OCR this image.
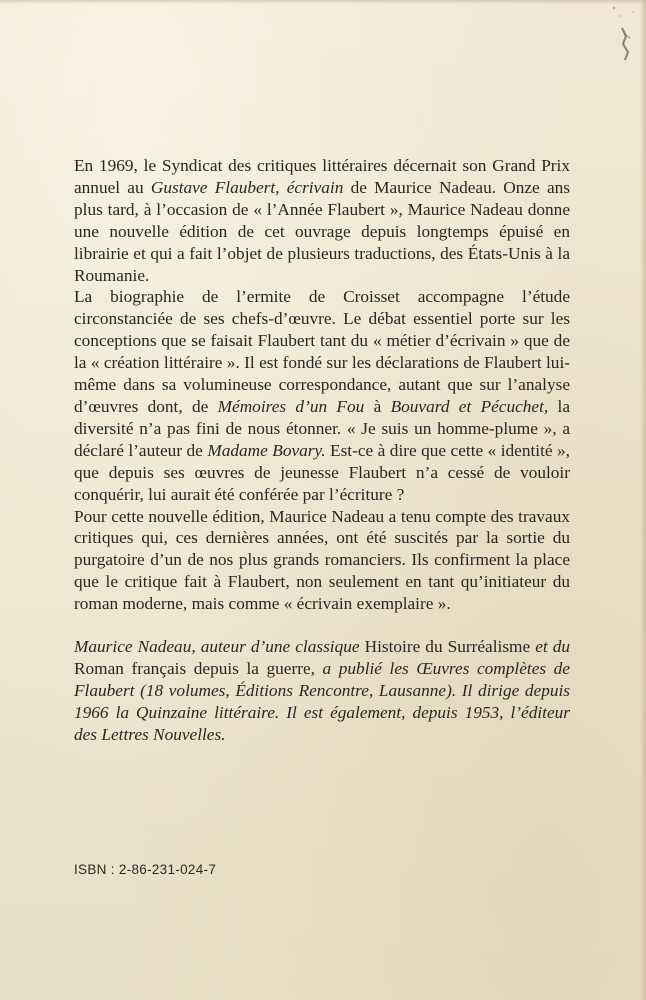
En 1969, le Syndicat des critiques littéraires décernait son Grand Prix annuel au Gustave Flaubert, écrivain de Maurice Nadeau. Onze ans plus tard, à l’occasion de « l’Année Flaubert », Maurice Nadeau donne une nouvelle édition de cet ouvrage depuis longtemps épuisé en librairie et qui a fait l’objet de plusieurs traductions, des États-Unis à la Roumanie.

La biographie de l’ermite de Croisset accompagne l’étude circonstanciée de ses chefs-d’œuvre. Le débat essentiel porte sur les conceptions que se faisait Flaubert tant du « métier d’écrivain » que de la « création littéraire ». Il est fondé sur les déclarations de Flaubert lui-même dans sa volumineuse correspondance, autant que sur l’analyse d’œuvres dont, de Mémoires d’un Fou à Bouvard et Pécuchet, la diversité n’a pas fini de nous étonner. « Je suis un homme-plume », a déclaré l’auteur de Madame Bovary. Est-ce à dire que cette « identité », que depuis ses œuvres de jeunesse Flaubert n’a cessé de vouloir conquérir, lui aurait été conférée par l’écriture ?

Pour cette nouvelle édition, Maurice Nadeau a tenu compte des travaux critiques qui, ces dernières années, ont été suscités par la sortie du purgatoire d’un de nos plus grands romanciers. Ils confirment la place que le critique fait à Flaubert, non seulement en tant qu’initiateur du roman moderne, mais comme « écrivain exemplaire ».

Maurice Nadeau, auteur d’une classique Histoire du Surréalisme et du Roman français depuis la guerre, a publié les Œuvres complètes de Flaubert (18 volumes, Éditions Rencontre, Lausanne). Il dirige depuis 1966 la Quinzaine littéraire. Il est également, depuis 1953, l’éditeur des Lettres Nouvelles.

ISBN : 2-86-231-024-7
